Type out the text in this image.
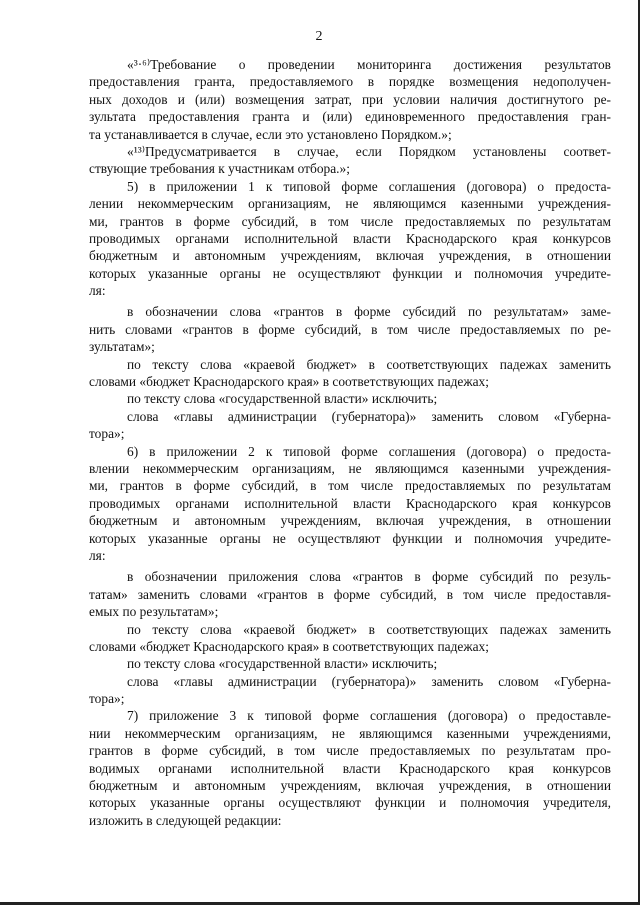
2
«³·⁶⁾Требование о проведении мониторинга достижения результатов
предоставления гранта, предоставляемого в порядке возмещения недополучен-
ных доходов и (или) возмещения затрат, при условии наличия достигнутого ре-
зультата предоставления гранта и (или) единовременного предоставления гран-
та устанавливается в случае, если это установлено Порядком.»;
«¹³⁾Предусматривается в случае, если Порядком установлены соответ-
ствующие требования к участникам отбора.»;
5) в приложении 1 к типовой форме соглашения (договора) о предоста-
лении некоммерческим организациям, не являющимся казенными учреждения-
ми, грантов в форме субсидий, в том числе предоставляемых по результатам
проводимых органами исполнительной власти Краснодарского края конкурсов
бюджетным и автономным учреждениям, включая учреждения, в отношении
которых указанные органы не осуществляют функции и полномочия учредите-
ля:
в обозначении слова «грантов в форме субсидий по результатам» заме-
нить словами «грантов в форме субсидий, в том числе предоставляемых по ре-
зультатам»;
по тексту слова «краевой бюджет» в соответствующих падежах заменить
словами «бюджет Краснодарского края» в соответствующих падежах;
по тексту слова «государственной власти» исключить;
слова «главы администрации (губернатора)» заменить словом «Губерна-
тора»;
6) в приложении 2 к типовой форме соглашения (договора) о предоста-
влении некоммерческим организациям, не являющимся казенными учреждения-
ми, грантов в форме субсидий, в том числе предоставляемых по результатам
проводимых органами исполнительной власти Краснодарского края конкурсов
бюджетным и автономным учреждениям, включая учреждения, в отношении
которых указанные органы не осуществляют функции и полномочия учредите-
ля:
в обозначении приложения слова «грантов в форме субсидий по резуль-
татам» заменить словами «грантов в форме субсидий, в том числе предоставля-
емых по результатам»;
по тексту слова «краевой бюджет» в соответствующих падежах заменить
словами «бюджет Краснодарского края» в соответствующих падежах;
по тексту слова «государственной власти» исключить;
слова «главы администрации (губернатора)» заменить словом «Губерна-
тора»;
7) приложение 3 к типовой форме соглашения (договора) о предоставле-
нии некоммерческим организациям, не являющимся казенными учреждениями,
грантов в форме субсидий, в том числе предоставляемых по результатам про-
водимых органами исполнительной власти Краснодарского края конкурсов
бюджетным и автономным учреждениям, включая учреждения, в отношении
которых указанные органы осуществляют функции и полномочия учредителя,
изложить в следующей редакции:
